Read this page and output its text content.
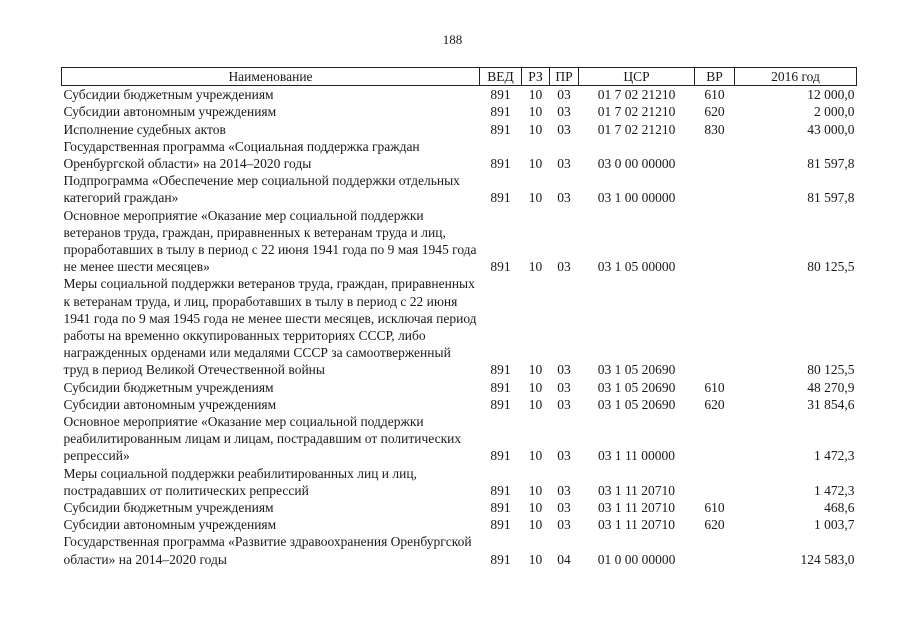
188
Наименование	ВЕД	РЗ	ПР	ЦСР	ВР	2016 год
Субсидии бюджетным учреждениям	891	10	03	01 7 02 21210	610	12 000,0
Субсидии автономным учреждениям	891	10	03	01 7 02 21210	620	2 000,0
Исполнение судебных актов	891	10	03	01 7 02 21210	830	43 000,0
Государственная программа «Социальная поддержка граждан Оренбургской области» на 2014–2020 годы	891	10	03	03 0 00 00000		81 597,8
Подпрограмма «Обеспечение мер социальной поддержки отдельных категорий граждан»	891	10	03	03 1 00 00000		81 597,8
Основное мероприятие «Оказание мер социальной поддержки ветеранов труда, граждан, приравненных к ветеранам труда и лиц, проработавших в тылу в период с 22 июня 1941 года по 9 мая 1945 года не менее шести месяцев»	891	10	03	03 1 05 00000		80 125,5
Меры социальной поддержки ветеранов труда, граждан, приравненных к ветеранам труда, и лиц, проработавших в тылу в период с 22 июня 1941 года по 9 мая 1945 года не менее шести месяцев, исключая период работы на временно оккупированных территориях СССР, либо награжденных орденами или медалями СССР за самоотверженный труд в период Великой Отечественной войны	891	10	03	03 1 05 20690		80 125,5
Субсидии бюджетным учреждениям	891	10	03	03 1 05 20690	610	48 270,9
Субсидии автономным учреждениям	891	10	03	03 1 05 20690	620	31 854,6
Основное мероприятие «Оказание мер социальной поддержки реабилитированным лицам и лицам, пострадавшим от политических репрессий»	891	10	03	03 1 11 00000		1 472,3
Меры социальной поддержки реабилитированных лиц и лиц, пострадавших от политических репрессий	891	10	03	03 1 11 20710		1 472,3
Субсидии бюджетным учреждениям	891	10	03	03 1 11 20710	610	468,6
Субсидии автономным учреждениям	891	10	03	03 1 11 20710	620	1 003,7
Государственная программа «Развитие здравоохранения Оренбургской области» на 2014–2020 годы	891	10	04	01 0 00 00000		124 583,0
